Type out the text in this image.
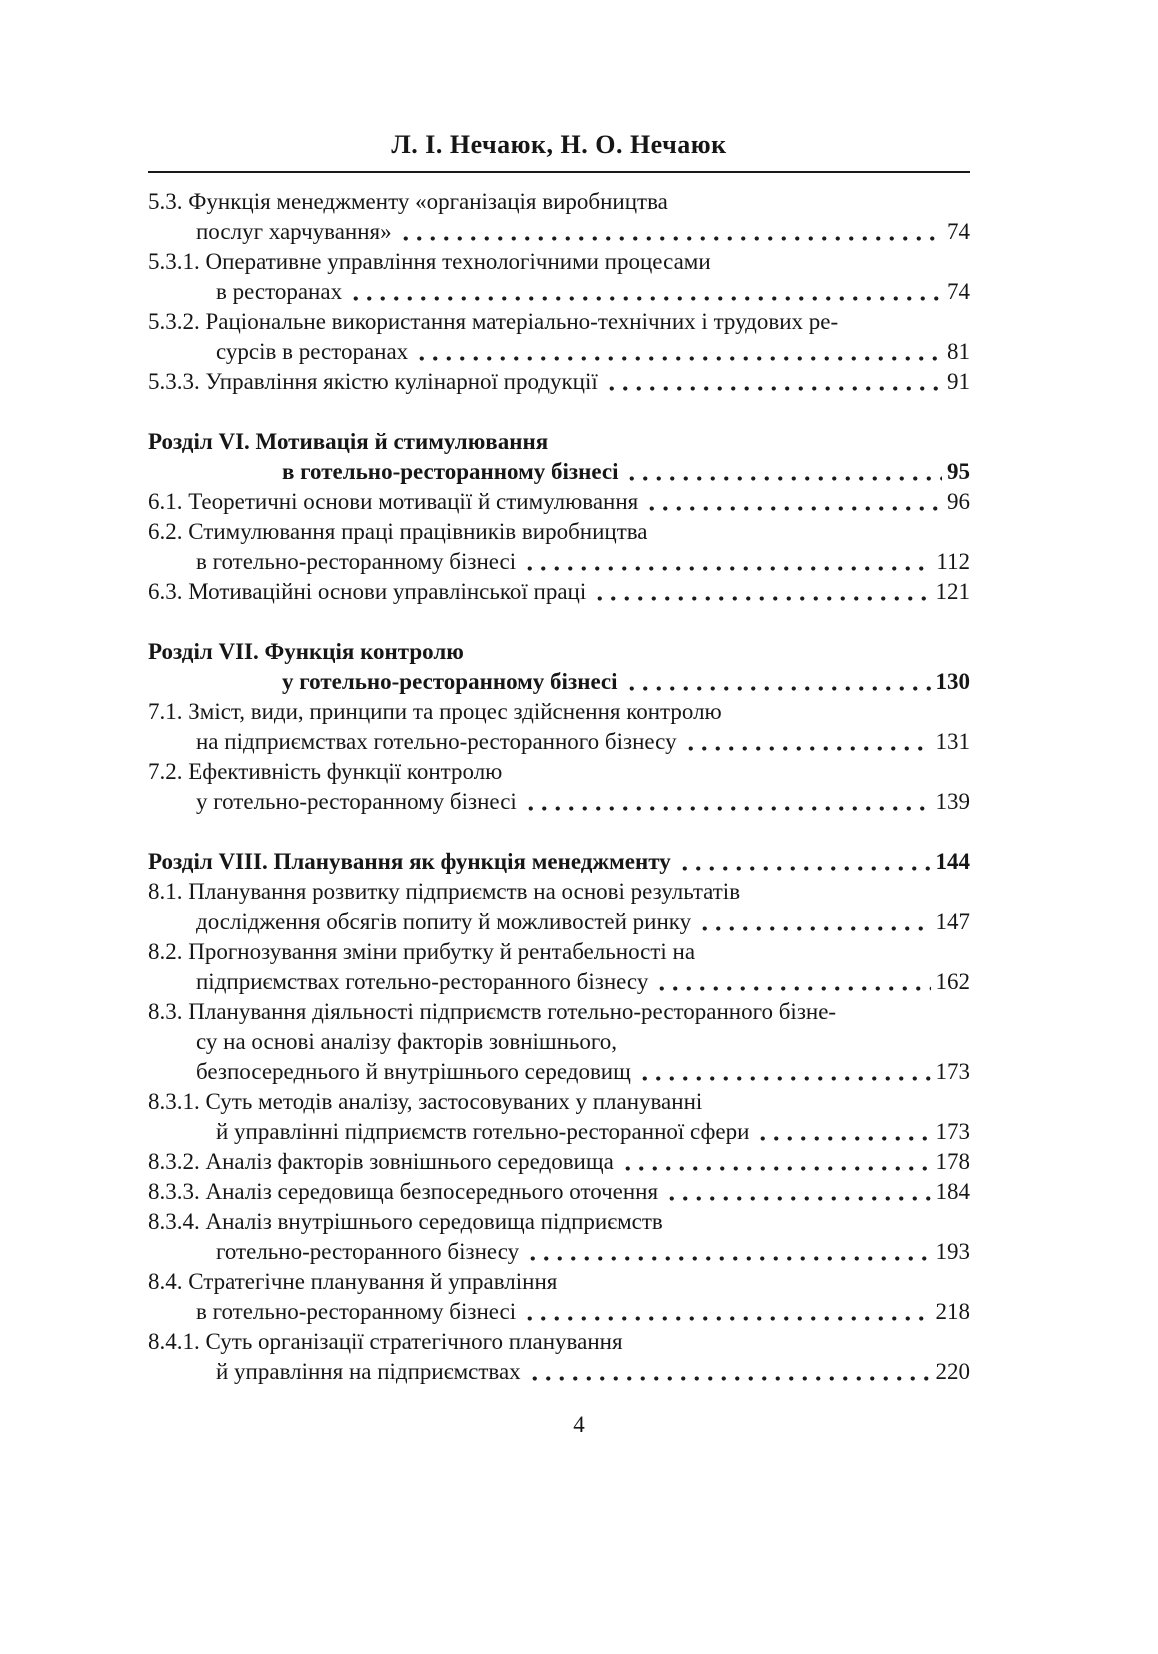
Л. І. Нечаюк, Н. О. Нечаюк
5.3. Функція менеджменту «організація виробництва
послуг харчування»	74
5.3.1. Оперативне управління технологічними процесами
в ресторанах	74
5.3.2. Раціональне використання матеріально-технічних і трудових ре-
сурсів в ресторанах	81
5.3.3. Управління якістю кулінарної продукції	91
Розділ VI. Мотивація й стимулювання
в готельно-ресторанному бізнесі	95
6.1. Теоретичні основи мотивації й стимулювання	96
6.2. Стимулювання праці працівників виробництва
в готельно-ресторанному бізнесі	112
6.3. Мотиваційні основи управлінської праці	121
Розділ VII. Функція контролю
у готельно-ресторанному бізнесі	130
7.1. Зміст, види, принципи та процес здійснення контролю
на підприємствах готельно-ресторанного бізнесу	131
7.2. Ефективність функції контролю
у готельно-ресторанному бізнесі	139
Розділ VIII. Планування як функція менеджменту	144
8.1. Планування розвитку підприємств на основі результатів
дослідження обсягів попиту й можливостей ринку	147
8.2. Прогнозування зміни прибутку й рентабельності на
підприємствах готельно-ресторанного бізнесу	162
8.3. Планування діяльності підприємств готельно-ресторанного бізне-
су на основі аналізу факторів зовнішнього,
безпосереднього й внутрішнього середовищ	173
8.3.1. Суть методів аналізу, застосовуваних у плануванні
й управлінні підприємств готельно-ресторанної сфери	173
8.3.2. Аналіз факторів зовнішнього середовища	178
8.3.3. Аналіз середовища безпосереднього оточення	184
8.3.4. Аналіз внутрішнього середовища підприємств
готельно-ресторанного бізнесу	193
8.4. Стратегічне планування й управління
в готельно-ресторанному бізнесі	218
8.4.1. Суть організації стратегічного планування
й управління на підприємствах	220
4
